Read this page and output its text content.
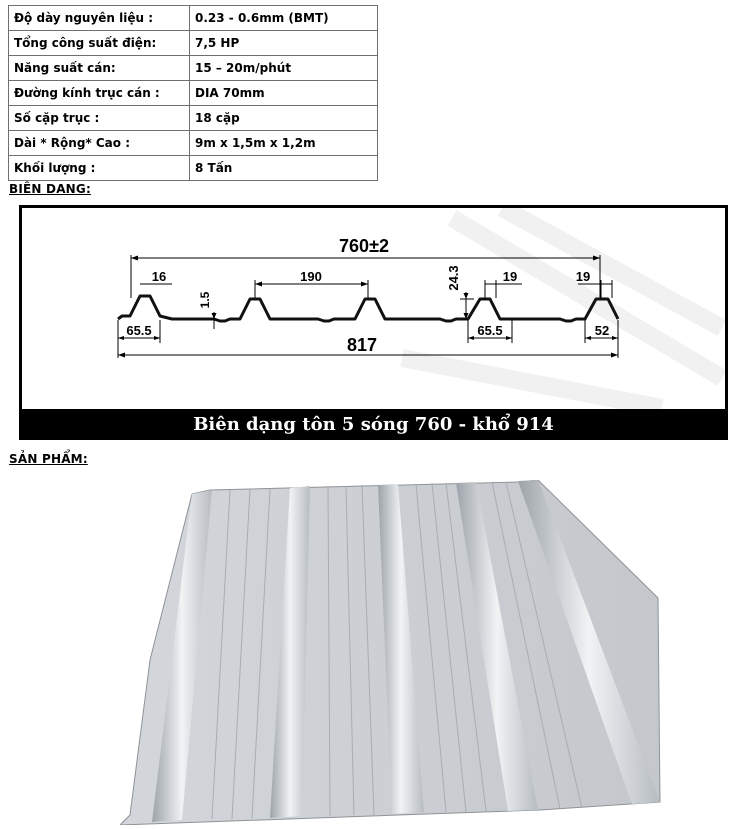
Độ dày nguyên liệu :	0.23 - 0.6mm (BMT)
Tổng công suất điện:	7,5 HP
Năng suất cán:	15 – 20m/phút
Đường kính trục cán :	DIA 70mm
Số cặp trục :	18 cặp
Dài * Rộng* Cao :	9m x 1,5m x 1,2m
Khối lượng :	8 Tấn
BIÊN DANG:
760±2
16	190	19	19
24.3
1.5
65.5	65.5	52
817
Biên dạng tôn 5 sóng 760 - khổ 914
SẢN PHẨM:
